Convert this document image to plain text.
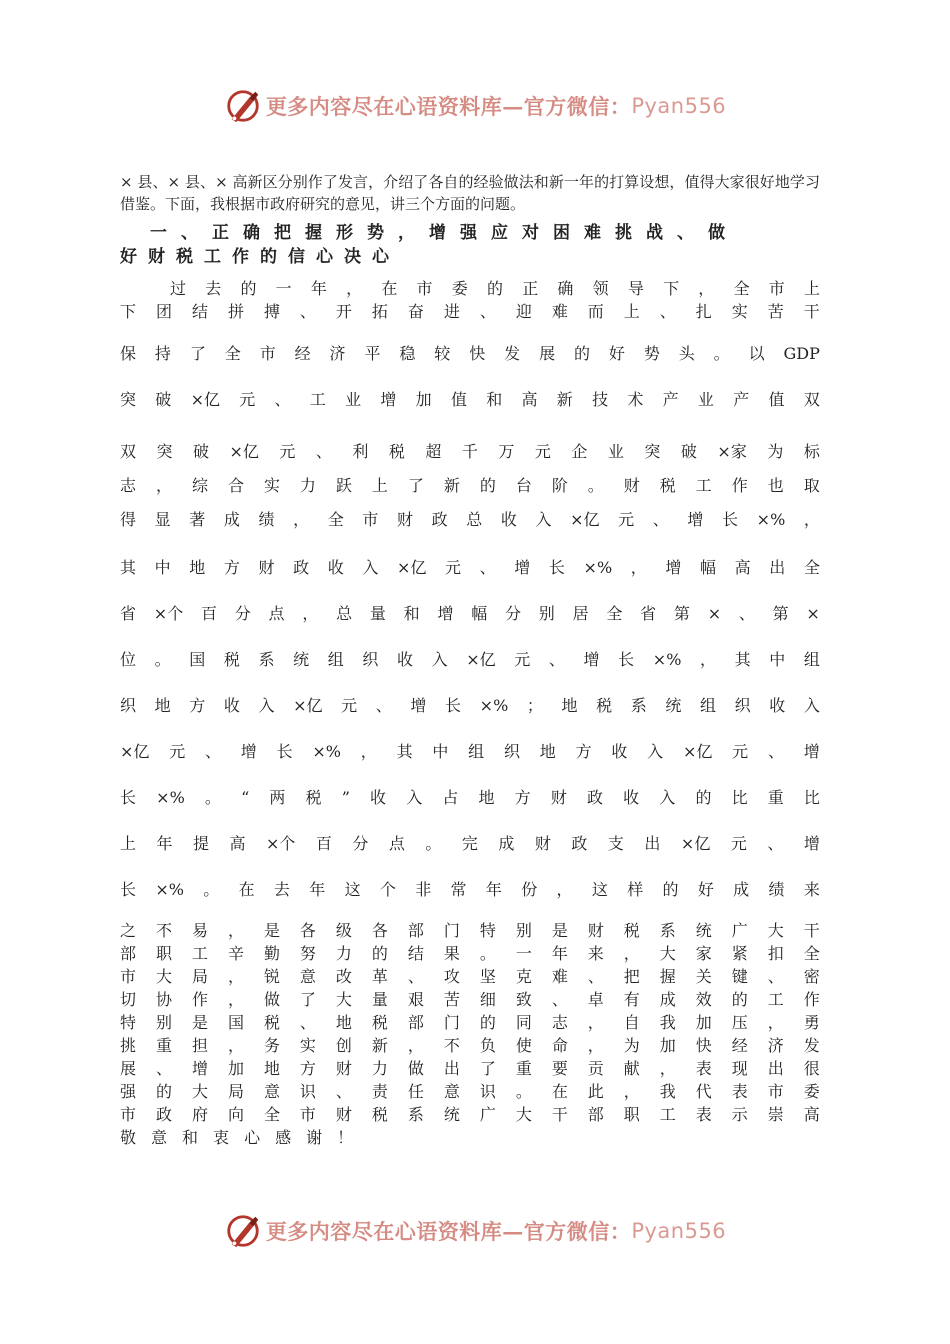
更多内容尽在心语资料库—官方微信： Pyan556

× 县、× 县、× 高新区分别作了发言，介绍了各自的经验做法和新一年的打算设想，值得大家很好地学习借鉴。下面，我根据市政府研究的意见，讲三个方面的问题。

一、正确把握形势，增强应对困难挑战、做
好财税工作的信心决心
过 去 的 一 年 ， 在 市 委 的 正 确 领 导 下 ， 全 市 上
下 团 结 拼 搏 、 开 拓 奋 进 、 迎 难 而 上 、 扎 实 苦 干
保 持 了 全 市 经 济 平 稳 较 快 发 展 的 好 势 头 。 以 GDP
突 破 ×亿 元 、 工 业 增 加 值 和 高 新 技 术 产 业 产 值 双
双 突 破 ×亿 元 、 利 税 超 千 万 元 企 业 突 破 ×家 为 标
志 ， 综 合 实 力 跃 上 了 新 的 台 阶 。 财 税 工 作 也 取
得 显 著 成 绩 ， 全 市 财 政 总 收 入 ×亿 元 、 增 长 ×% ，
其 中 地 方 财 政 收 入 ×亿 元 、 增 长 ×% ， 增 幅 高 出 全
省 ×个 百 分 点 ， 总 量 和 增 幅 分 别 居 全 省 第 × 、 第 ×
位 。 国 税 系 统 组 织 收 入 ×亿 元 、 增 长 ×% ， 其 中 组
织 地 方 收 入 ×亿 元 、 增 长 ×% ； 地 税 系 统 组 织 收 入
×亿 元 、 增 长 ×% ， 其 中 组 织 地 方 收 入 ×亿 元 、 增
长 ×% 。 “ 两 税 ” 收 入 占 地 方 财 政 收 入 的 比 重 比
上 年 提 高 ×个 百 分 点 。 完 成 财 政 支 出 ×亿 元 、 增
长 ×% 。 在 去 年 这 个 非 常 年 份 ， 这 样 的 好 成 绩 来
之 不 易 ， 是 各 级 各 部 门 特 别 是 财 税 系 统 广 大 干
部 职 工 辛 勤 努 力 的 结 果 。 一 年 来 ， 大 家 紧 扣 全
市 大 局 ， 锐 意 改 革 、 攻 坚 克 难 、 把 握 关 键 、 密
切 协 作 ， 做 了 大 量 艰 苦 细 致 、 卓 有 成 效 的 工 作
特 别 是 国 税 、 地 税 部 门 的 同 志 ， 自 我 加 压 ， 勇
挑 重 担 ， 务 实 创 新 ， 不 负 使 命 ， 为 加 快 经 济 发
展 、 增 加 地 方 财 力 做 出 了 重 要 贡 献 ， 表 现 出 很
强 的 大 局 意 识 、 责 任 意 识 。 在 此 ， 我 代 表 市 委
市 政 府 向 全 市 财 税 系 统 广 大 干 部 职 工 表 示 崇 高
敬 意 和 衷 心 感 谢 ！
更多内容尽在心语资料库—官方微信： Pyan556
